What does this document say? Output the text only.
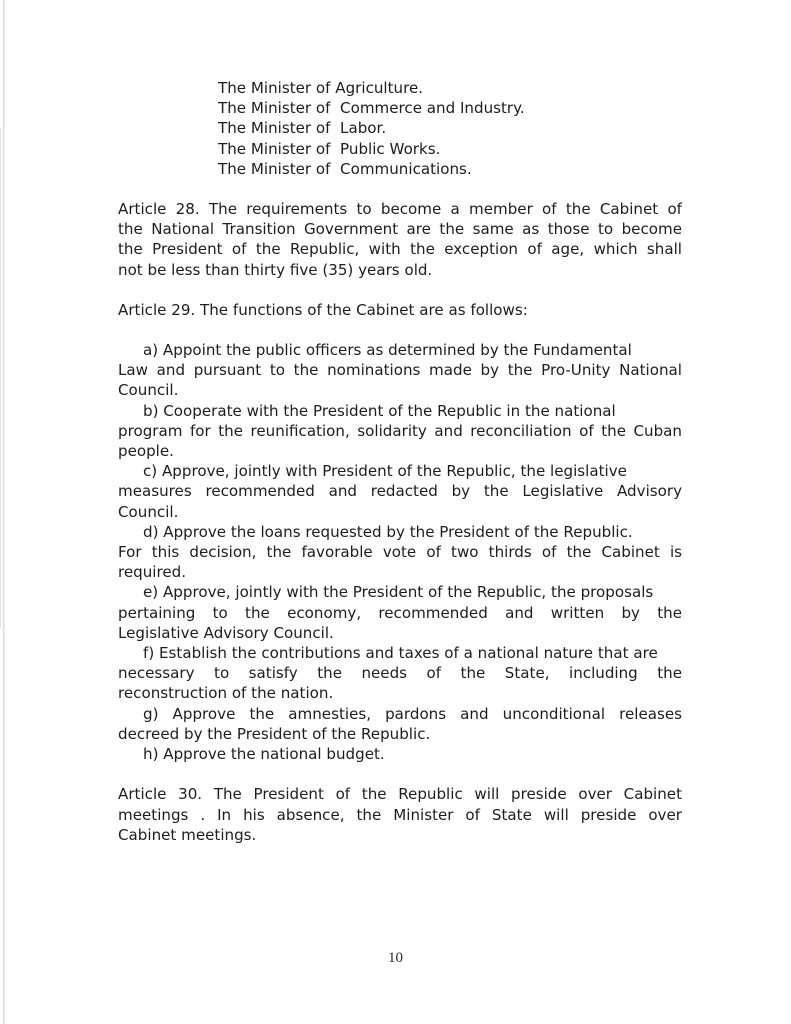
The Minister of Agriculture.
The Minister of  Commerce and Industry.
The Minister of  Labor.
The Minister of  Public Works.
The Minister of  Communications.

Article 28. The requirements to become a member of the Cabinet of
the National Transition Government are the same as those to become
the President of the Republic, with the exception of age, which shall
not be less than thirty five (35) years old.

Article 29. The functions of the Cabinet are as follows:

a) Appoint the public officers as determined by the Fundamental
Law and pursuant to the nominations made by the Pro-Unity National
Council.

b) Cooperate with the President of the Republic in the national
program for the reunification, solidarity and reconciliation of the Cuban
people.

c) Approve, jointly with President of the Republic, the legislative
measures recommended and redacted by the Legislative Advisory
Council.

d) Approve the loans requested by the President of the Republic.
For this decision, the favorable vote of two thirds of the Cabinet is
required.

e) Approve, jointly with the President of the Republic, the proposals
pertaining to the economy, recommended and written by the
Legislative Advisory Council.

f) Establish the contributions and taxes of a national nature that are
necessary to satisfy the needs of the State, including the
reconstruction of the nation.

g) Approve the amnesties, pardons and unconditional releases
decreed by the President of the Republic.

h) Approve the national budget.

Article 30. The President of the Republic will preside over Cabinet
meetings . In his absence, the Minister of State will preside over
Cabinet meetings.

10
